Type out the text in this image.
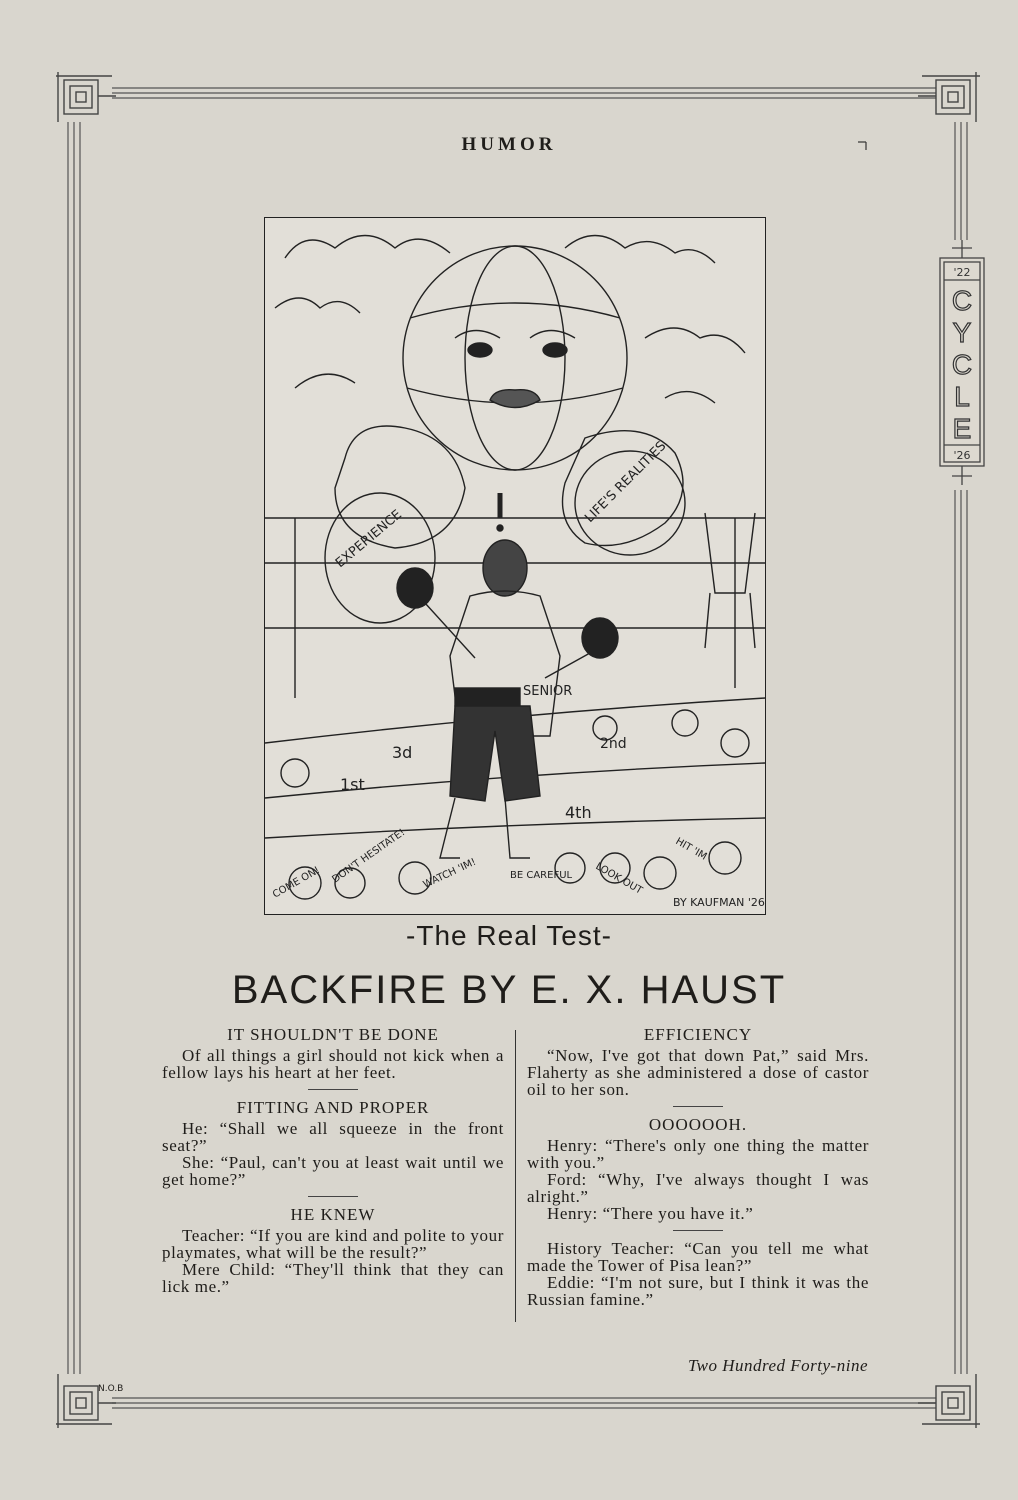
'22
C
Y
C
L
E
'26
HUMOR
EXPERIENCE
LIFE'S REALITIES
SENIOR
3d
1st
2nd
4th
COME ON! DON'T HESITATE! WATCH 'IM!	BE CAREFUL LOOK OUT
HIT 'IM
BY KAUFMAN '26
-The Real Test-
BACKFIRE BY E. X. HAUST
IT SHOULDN'T BE DONE

Of all things a girl should not kick when a fellow lays his heart at her feet.

FITTING AND PROPER

He: “Shall we all squeeze in the front seat?”

She: “Paul, can't you at least wait until we get home?”

HE KNEW

Teacher: “If you are kind and polite to your playmates, what will be the result?”

Mere Child: “They'll think that they can lick me.”

EFFICIENCY

“Now, I've got that down Pat,” said Mrs. Flaherty as she administered a dose of castor oil to her son.

OOOOOOH.

Henry: “There's only one thing the matter with you.”

Ford: “Why, I've always thought I was alright.”

Henry: “There you have it.”

History Teacher: “Can you tell me what made the Tower of Pisa lean?”

Eddie: “I'm not sure, but I think it was the Russian famine.”

Two Hundred Forty-nine
N.O.B
